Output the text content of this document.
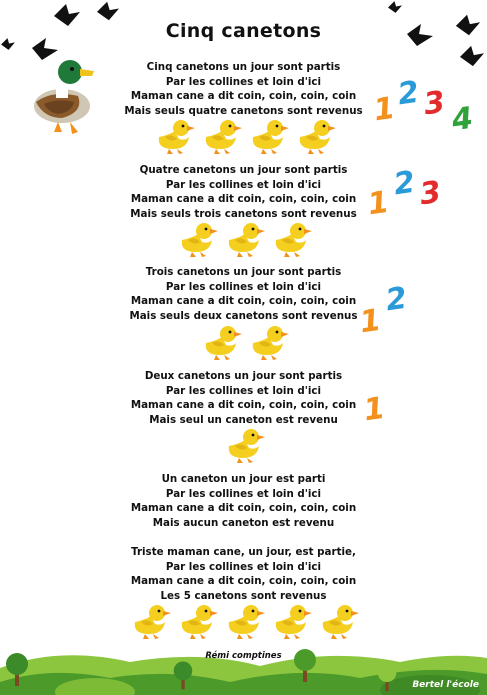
Cinq canetons
Cinq canetons un jour sont partis
Par les collines et loin d'ici
Maman cane a dit coin, coin, coin, coin
Mais seuls quatre canetons sont revenus
Quatre canetons un jour sont partis
Par les collines et loin d'ici
Maman cane a dit coin, coin, coin, coin
Mais seuls trois canetons sont revenus
Trois canetons un jour sont partis
Par les collines et loin d'ici
Maman cane a dit coin, coin, coin, coin
Mais seuls deux canetons sont revenus
Deux canetons un jour sont partis
Par les collines et loin d'ici
Maman cane a dit coin, coin, coin, coin
Mais seul un caneton est revenu
Un caneton un jour est parti
Par les collines et loin d'ici
Maman cane a dit coin, coin, coin, coin
Mais aucun caneton est revenu
Triste maman cane, un jour, est partie,
Par les collines et loin d'ici
Maman cane a dit coin, coin, coin, coin
Les 5 canetons sont revenus
1
2 3 4
1
2 3
1
2
1
Rémi comptines
Bertel l'école
